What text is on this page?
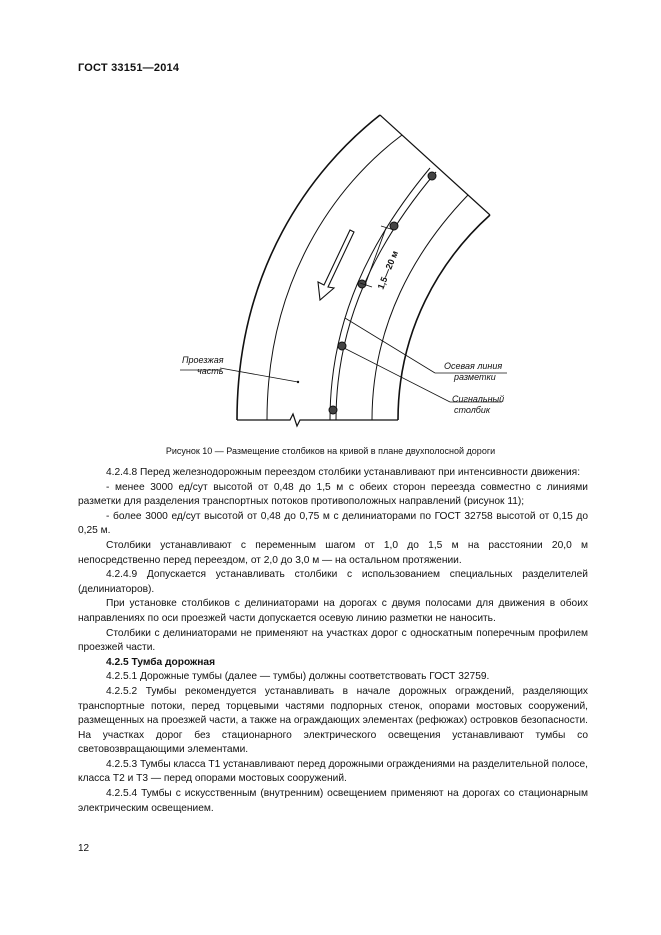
ГОСТ 33151—2014
1,5—20 м
Проезжая
часть	Осевая линия
разметки
Сигнальный
столбик
Рисунок 10 — Размещение столбиков на кривой в плане двухполосной дороги

4.2.4.8 Перед железнодорожным переездом столбики устанавливают при интенсивности движения:

- менее 3000 ед/сут высотой от 0,48 до 1,5 м с обеих сторон переезда совместно с линиями разметки для разделения транспортных потоков противоположных направлений (рисунок 11);

- более 3000 ед/сут высотой от 0,48 до 0,75 м с делиниаторами по ГОСТ 32758 высотой от 0,15 до 0,25 м.

Столбики устанавливают с переменным шагом от 1,0 до 1,5 м на расстоянии 20,0 м непосредственно перед переездом, от 2,0 до 3,0 м — на остальном протяжении.

4.2.4.9 Допускается устанавливать столбики с использованием специальных разделителей (делиниаторов).

При установке столбиков с делиниаторами на дорогах с двумя полосами для движения в обоих направлениях по оси проезжей части допускается осевую линию разметки не наносить.

Столбики с делиниаторами не применяют на участках дорог с односкатным поперечным профилем проезжей части.

4.2.5 Тумба дорожная

4.2.5.1 Дорожные тумбы (далее — тумбы) должны соответствовать ГОСТ 32759.

4.2.5.2 Тумбы рекомендуется устанавливать в начале дорожных ограждений, разделяющих транспортные потоки, перед торцевыми частями подпорных стенок, опорами мостовых сооружений, размещенных на проезжей части, а также на ограждающих элементах (рефюжах) островков безопасности. На участках дорог без стационарного электрического освещения устанавливают тумбы со световозвращающими элементами.

4.2.5.3 Тумбы класса Т1 устанавливают перед дорожными ограждениями на разделительной полосе, класса Т2 и Т3 — перед опорами мостовых сооружений.

4.2.5.4 Тумбы с искусственным (внутренним) освещением применяют на дорогах со стационарным электрическим освещением.

12
